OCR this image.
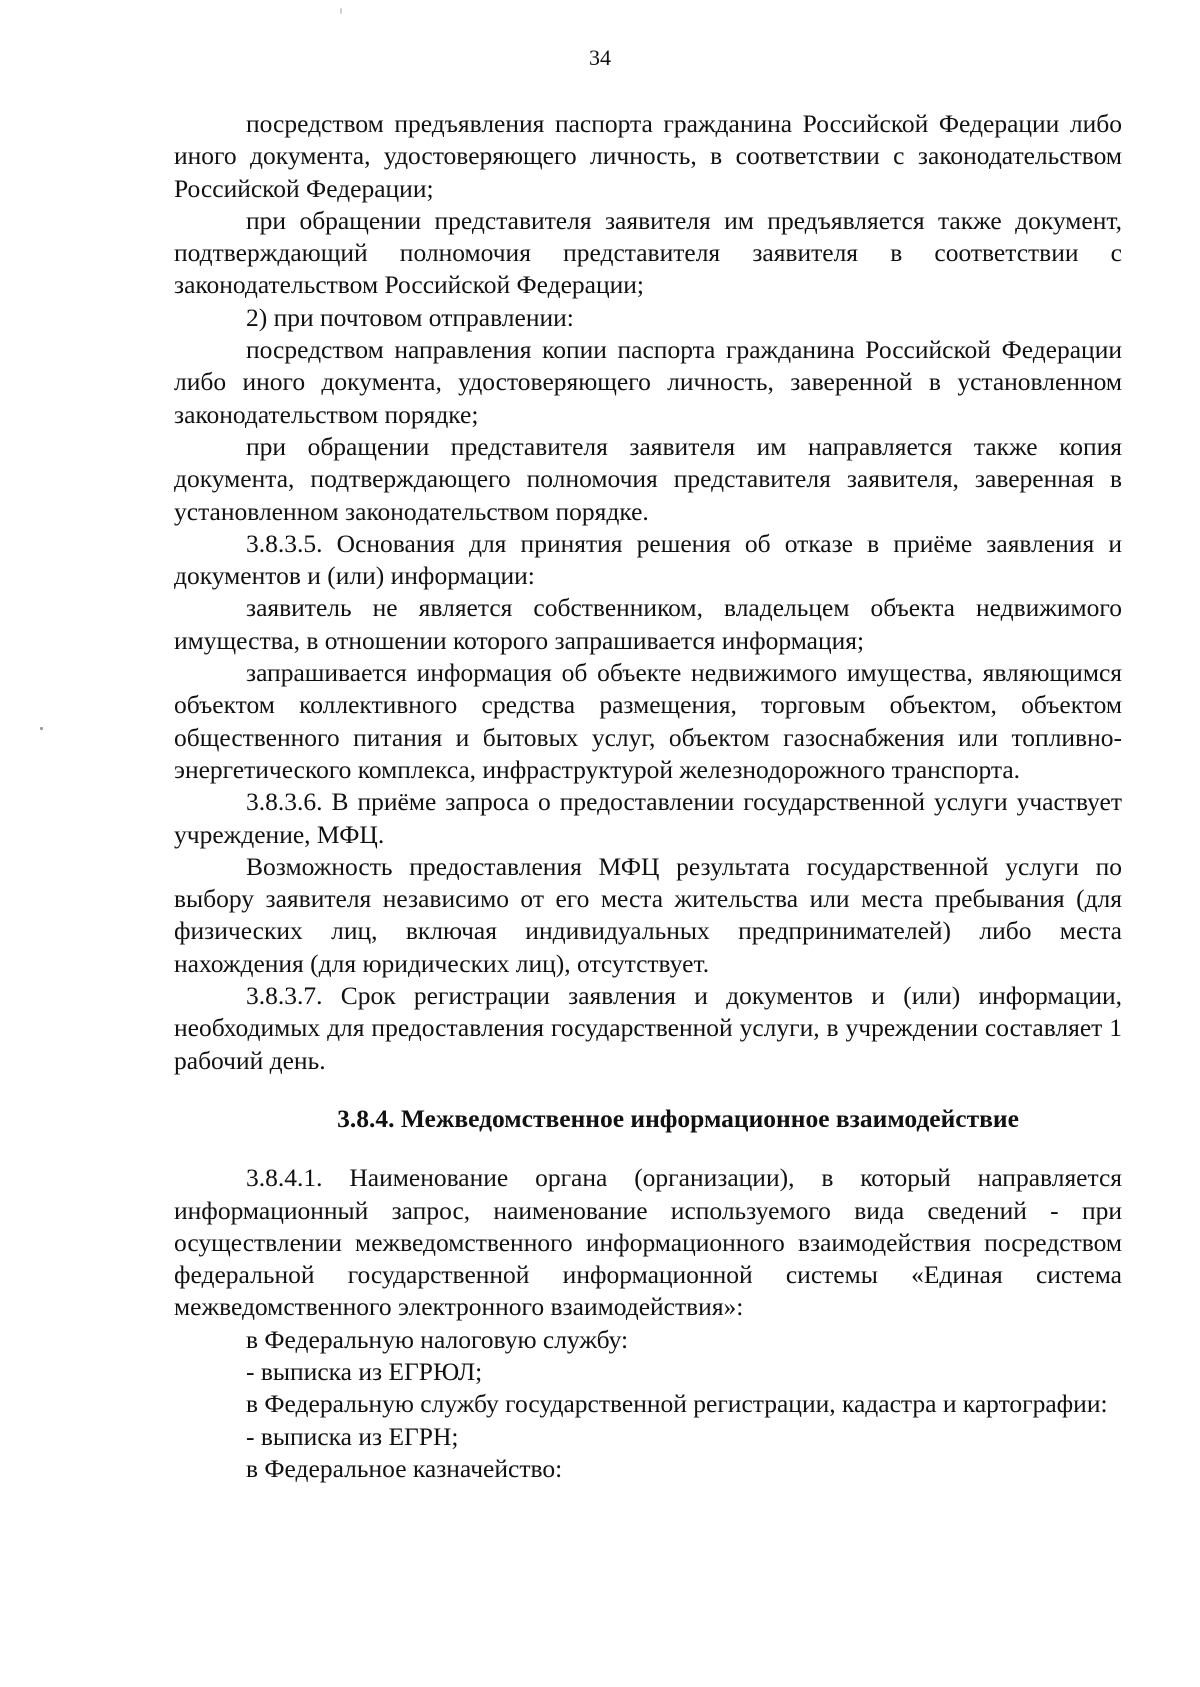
34

посредством предъявления паспорта гражданина Российской Федерации либо иного документа, удостоверяющего личность, в соответствии с законодательством Российской Федерации;

при обращении представителя заявителя им предъявляется также документ, подтверждающий полномочия представителя заявителя в соответствии с законодательством Российской Федерации;

2) при почтовом отправлении:

посредством направления копии паспорта гражданина Российской Федерации либо иного документа, удостоверяющего личность, заверенной в установленном законодательством порядке;

при обращении представителя заявителя им направляется также копия документа, подтверждающего полномочия представителя заявителя, заверенная в установленном законодательством порядке.

3.8.3.5. Основания для принятия решения об отказе в приёме заявления и документов и (или) информации:

заявитель не является собственником, владельцем объекта недвижимого имущества, в отношении которого запрашивается информация;

запрашивается информация об объекте недвижимого имущества, являющимся объектом коллективного средства размещения, торговым объектом, объектом общественного питания и бытовых услуг, объектом газоснабжения или топливно-энергетического комплекса, инфраструктурой железнодорожного транспорта.

3.8.3.6. В приёме запроса о предоставлении государственной услуги участвует учреждение, МФЦ.

Возможность предоставления МФЦ результата государственной услуги по выбору заявителя независимо от его места жительства или места пребывания (для физических лиц, включая индивидуальных предпринимателей) либо места нахождения (для юридических лиц), отсутствует.

3.8.3.7. Срок регистрации заявления и документов и (или) информации, необходимых для предоставления государственной услуги, в учреждении составляет 1 рабочий день.

3.8.4. Межведомственное информационное взаимодействие

3.8.4.1. Наименование органа (организации), в который направляется информационный запрос, наименование используемого вида сведений - при осуществлении межведомственного информационного взаимодействия посредством федеральной государственной информационной системы «Единая система межведомственного электронного взаимодействия»:

в Федеральную налоговую службу:

- выписка из ЕГРЮЛ;

в Федеральную службу государственной регистрации, кадастра и картографии:

- выписка из ЕГРН;

в Федеральное казначейство:
